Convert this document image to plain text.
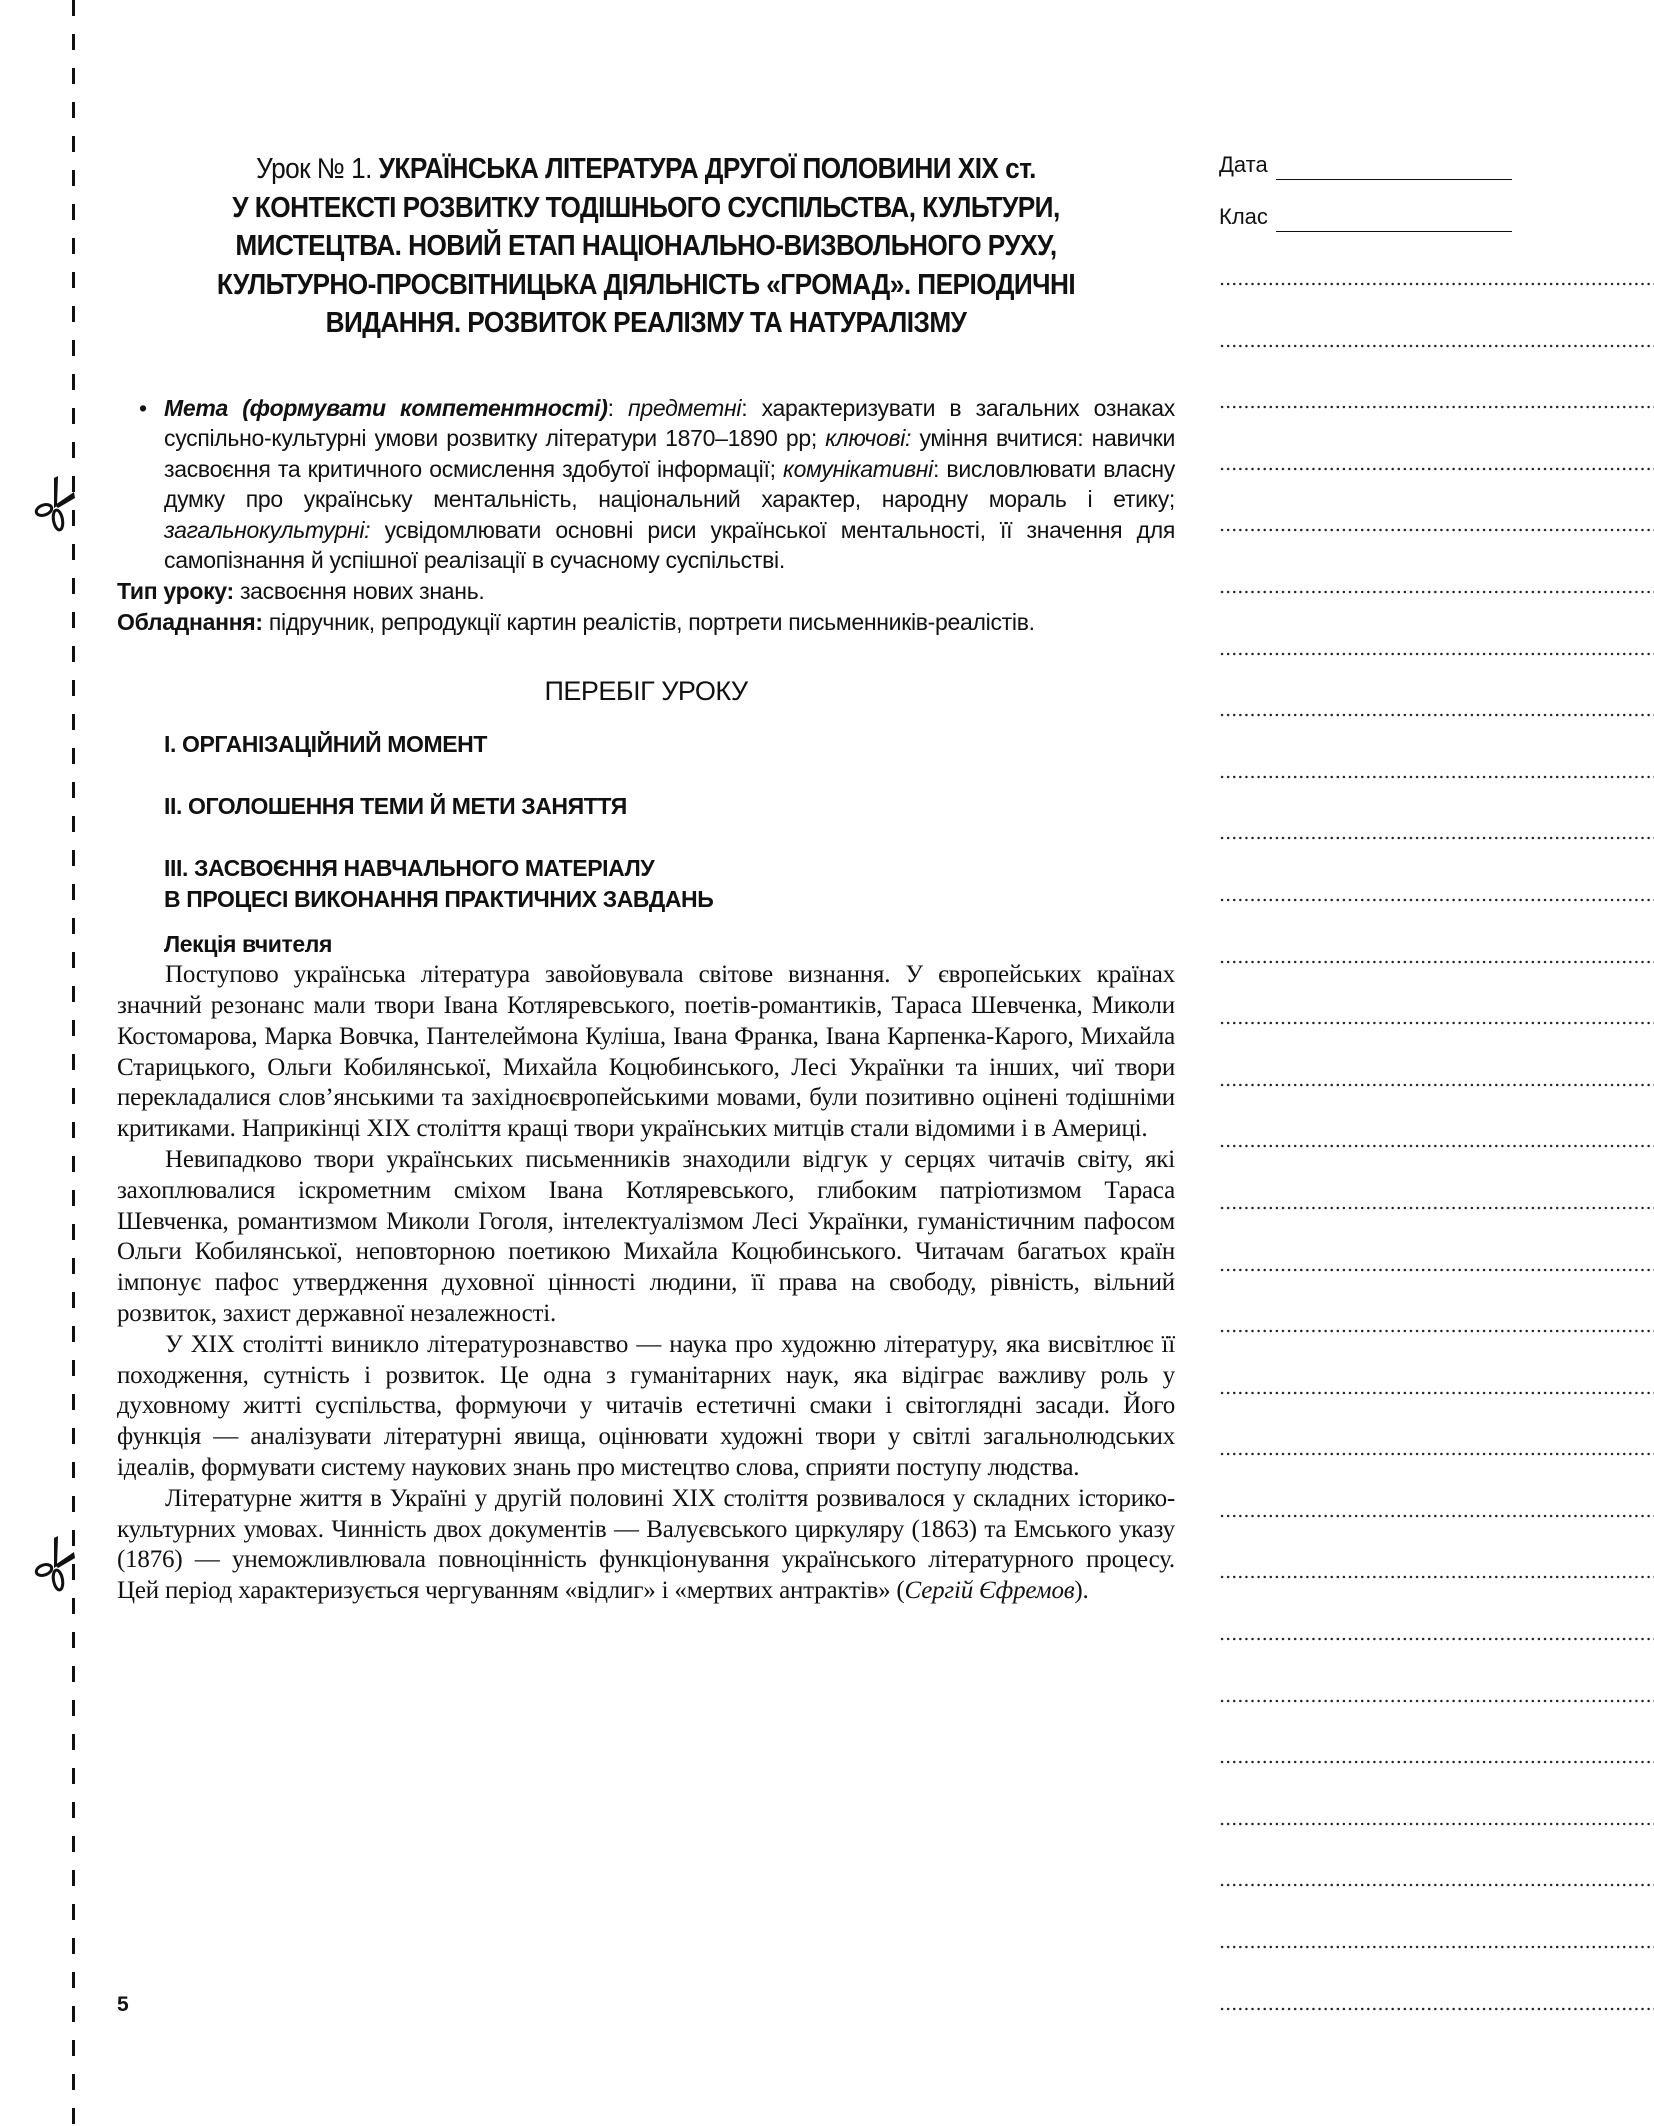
Дата
Клас
Урок № 1. УКРАЇНСЬКА ЛІТЕРАТУРА ДРУГОЇ ПОЛОВИНИ XIX ст.
У КОНТЕКСТІ РОЗВИТКУ ТОДІШНЬОГО СУСПІЛЬСТВА, КУЛЬТУРИ,
МИСТЕЦТВА. НОВИЙ ЕТАП НАЦІОНАЛЬНО-ВИЗВОЛЬНОГО РУХУ,
КУЛЬТУРНО-ПРОСВІТНИЦЬКА ДІЯЛЬНІСТЬ «ГРОМАД». ПЕРІОДИЧНІ
ВИДАННЯ. РОЗВИТОК РЕАЛІЗМУ ТА НАТУРАЛІЗМУ
• Мета (формувати компетентності): предметні: характеризувати в загальних ознаках суспільно-культурні умови розвитку літератури 1870–1890 рр; ключові: уміння вчитися: навички засвоєння та критичного осмислення здобутої інформації; комунікативні: висловлювати власну думку про українську ментальність, національний характер, народну мораль і етику; загальнокультурні: усвідомлювати основні риси української ментальності, її значення для самопізнання й успішної реалізації в сучасному суспільстві.
Тип уроку: засвоєння нових знань.
Обладнання: підручник, репродукції картин реалістів, портрети письменників-реалістів.
ПЕРЕБІГ УРОКУ
I. ОРГАНІЗАЦІЙНИЙ МОМЕНТ
II. ОГОЛОШЕННЯ ТЕМИ Й МЕТИ ЗАНЯТТЯ
III. ЗАСВОЄННЯ НАВЧАЛЬНОГО МАТЕРІАЛУ
В ПРОЦЕСІ ВИКОНАННЯ ПРАКТИЧНИХ ЗАВДАНЬ
Лекція вчителя

Поступово українська література завойовувала світове визнання. У європейських країнах значний резонанс мали твори Івана Котляревського, поетів-романтиків, Тараса Шевченка, Миколи Костомарова, Марка Вовчка, Пантелеймона Куліша, Івана Франка, Івана Карпенка-Карого, Михайла Старицького, Ольги Кобилянської, Михайла Коцюбинського, Лесі Українки та інших, чиї твори перекладалися слов’янськими та західноєвропейськими мовами, були позитивно оцінені тодішніми критиками. Наприкінці XIX століття кращі твори українських митців стали відомими і в Америці.

Невипадково твори українських письменників знаходили відгук у серцях читачів світу, які захоплювалися іскрометним сміхом Івана Котляревського, глибоким патріотизмом Тараса Шевченка, романтизмом Миколи Гоголя, інтелектуалізмом Лесі Українки, гуманістичним пафосом Ольги Кобилянської, неповторною поетикою Михайла Коцюбинського. Читачам багатьох країн імпонує пафос утвердження духовної цінності людини, її права на свободу, рівність, вільний розвиток, захист державної незалежності.

У XIX столітті виникло літературознавство — наука про художню літературу, яка висвітлює її походження, сутність і розвиток. Це одна з гуманітарних наук, яка відіграє важливу роль у духовному житті суспільства, формуючи у читачів естетичні смаки і світоглядні засади. Його функція — аналізувати літературні явища, оцінювати художні твори у світлі загальнолюдських ідеалів, формувати систему наукових знань про мистецтво слова, сприяти поступу людства.

Літературне життя в Україні у другій половині XIX століття розвивалося у складних історико-культурних умовах. Чинність двох документів — Валуєвського циркуляру (1863) та Емського указу (1876) — унеможливлювала повноцінність функціонування українського літературного процесу. Цей період характеризується чергуванням «відлиг» і «мертвих антрактів» (Сергій Єфремов).

5
